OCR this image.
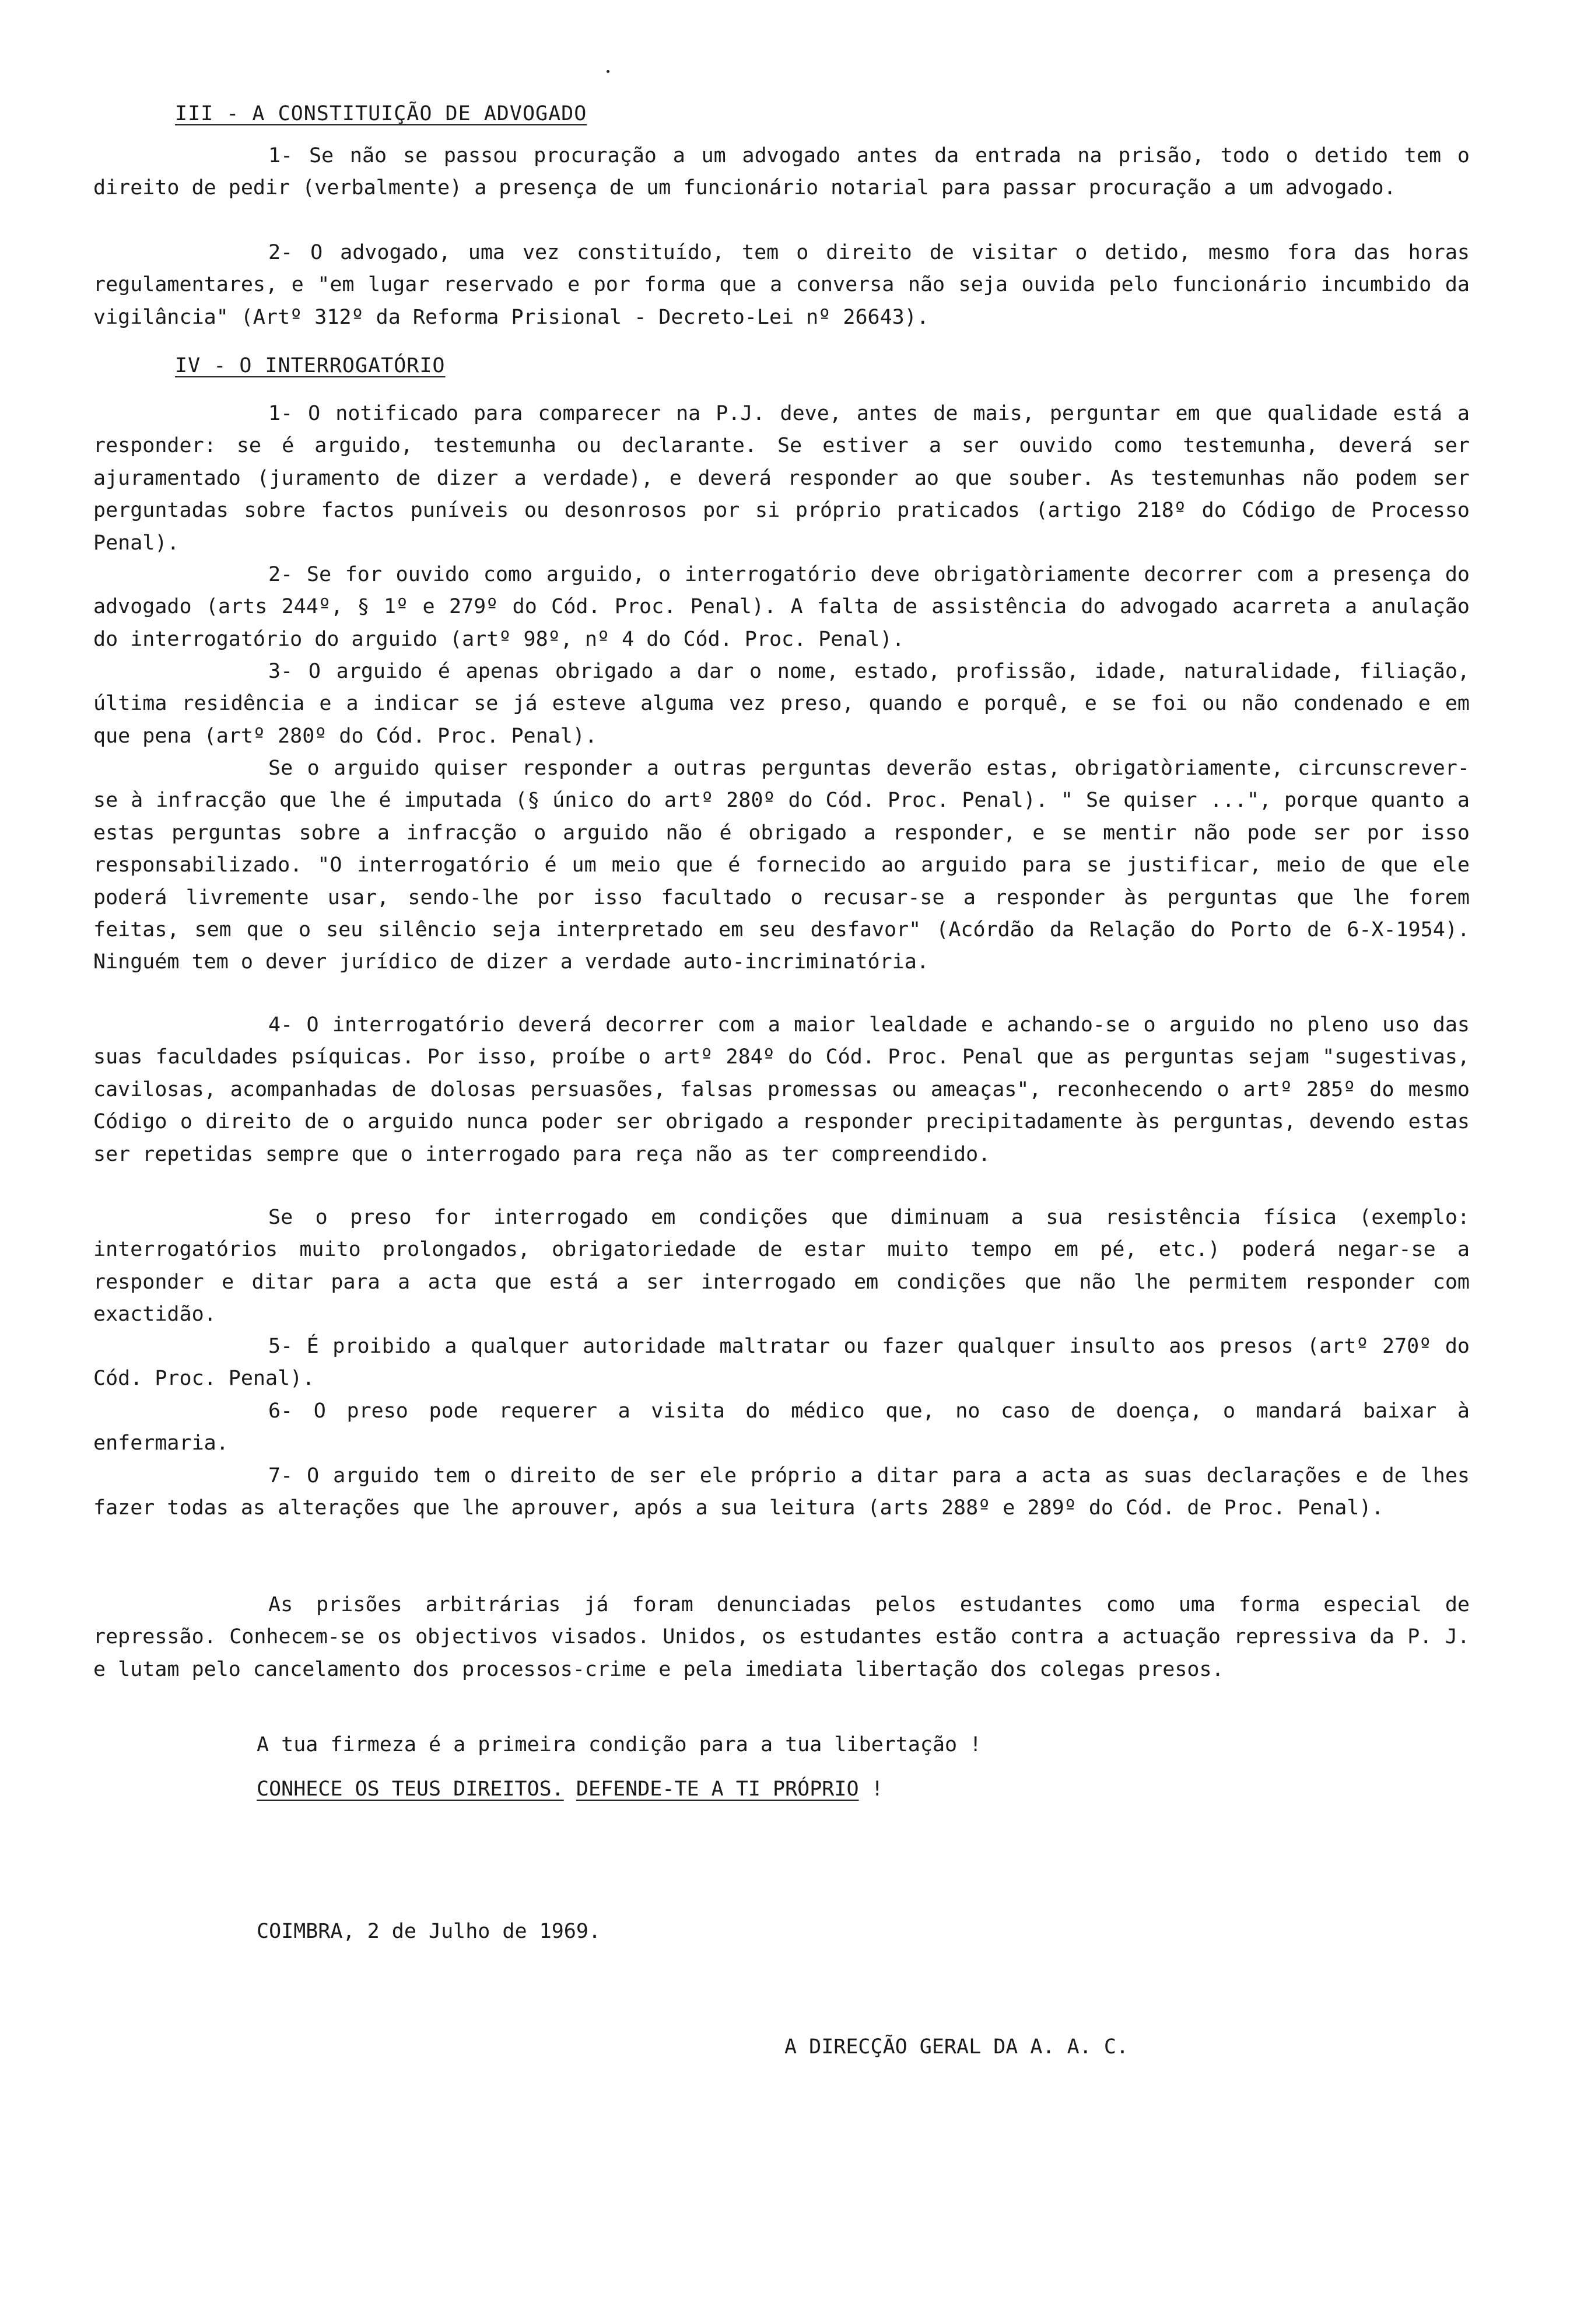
III - A CONSTITUIÇÃO DE ADVOGADO

1- Se não se passou procuração a um advogado antes da entrada na prisão, todo o detido tem o direito de pedir (verbalmente) a presença de um funcionário notarial para passar procuração a um advogado.

2- O advogado, uma vez constituído, tem o direito de visitar o detido, mesmo fora das horas regulamentares, e "em lugar reservado e por forma que a conversa não seja ouvida pelo funcionário incumbido da vigilância" (Artº 312º da Reforma Prisional - Decreto-Lei nº 26643).

IV - O INTERROGATÓRIO

1- O notificado para comparecer na P.J. deve, antes de mais, perguntar em que qualidade está a responder: se é arguido, testemunha ou declarante. Se estiver a ser ouvido como testemunha, deverá ser ajuramentado (juramento de dizer a verdade), e deverá responder ao que souber. As testemunhas não podem ser perguntadas sobre factos puníveis ou desonrosos por si próprio praticados (artigo 218º do Código de Processo Penal).

2- Se for ouvido como arguido, o interrogatório deve obrigatòriamente decorrer com a presença do advogado (arts 244º, § 1º e 279º do Cód. Proc. Penal). A falta de assistência do advogado acarreta a anulação do interrogatório do arguido (artº 98º, nº 4 do Cód. Proc. Penal).

3- O arguido é apenas obrigado a dar o nome, estado, profissão, idade, naturalidade, filiação, última residência e a indicar se já esteve alguma vez preso, quando e porquê, e se foi ou não condenado e em que pena (artº 280º do Cód. Proc. Penal).

Se o arguido quiser responder a outras perguntas deverão estas, obrigatòriamente, circunscrever-se à infracção que lhe é imputada (§ único do artº 280º do Cód. Proc. Penal). " Se quiser ...", porque quanto a estas perguntas sobre a infracção o arguido não é obrigado a responder, e se mentir não pode ser por isso responsabilizado. "O interrogatório é um meio que é fornecido ao arguido para se justificar, meio de que ele poderá livremente usar, sendo-lhe por isso facultado o recusar-se a responder às perguntas que lhe forem feitas, sem que o seu silêncio seja interpretado em seu desfavor" (Acórdão da Relação do Porto de 6-X-1954). Ninguém tem o dever jurídico de dizer a verdade auto-incriminatória.

4- O interrogatório deverá decorrer com a maior lealdade e achando-se o arguido no pleno uso das suas faculdades psíquicas. Por isso, proíbe o artº 284º do Cód. Proc. Penal que as perguntas sejam "sugestivas, cavilosas, acompanhadas de dolosas persuasões, falsas promessas ou ameaças", reconhecendo o artº 285º do mesmo Código o direito de o arguido nunca poder ser obrigado a responder precipitadamente às perguntas, devendo estas ser repetidas sempre que o interrogado para reça não as ter compreendido.

Se o preso for interrogado em condições que diminuam a sua resistência física (exemplo: interrogatórios muito prolongados, obrigatoriedade de estar muito tempo em pé, etc.) poderá negar-se a responder e ditar para a acta que está a ser interrogado em condições que não lhe permitem responder com exactidão.

5- É proibido a qualquer autoridade maltratar ou fazer qualquer insulto aos presos (artº 270º do Cód. Proc. Penal).

6- O preso pode requerer a visita do médico que, no caso de doença, o mandará baixar à enfermaria.

7- O arguido tem o direito de ser ele próprio a ditar para a acta as suas declarações e de lhes fazer todas as alterações que lhe aprouver, após a sua leitura (arts 288º e 289º do Cód. de Proc. Penal).

As prisões arbitrárias já foram denunciadas pelos estudantes como uma forma especial de repressão. Conhecem-se os objectivos visados. Unidos, os estudantes estão contra a actuação repressiva da P. J. e lutam pelo cancelamento dos processos-crime e pela imediata libertação dos colegas presos.

A tua firmeza é a primeira condição para a tua libertação !

CONHECE OS TEUS DIREITOS. DEFENDE-TE A TI PRÓPRIO !

COIMBRA, 2 de Julho de 1969.

A DIRECÇÃO GERAL DA A. A. C.
